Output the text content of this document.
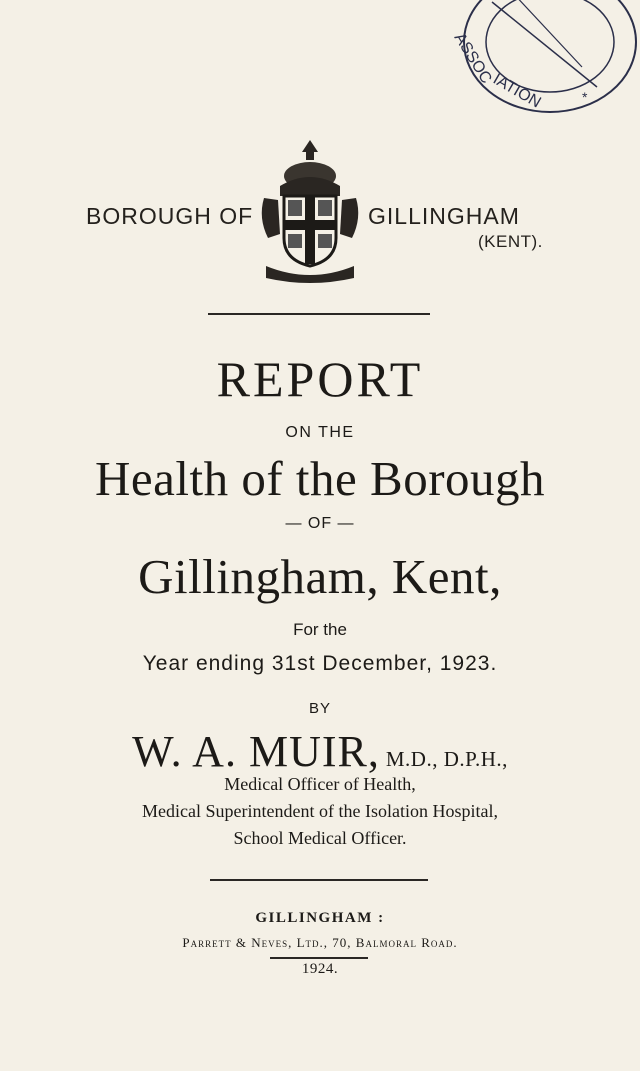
ASSOC
IATION	*
BOROUGH OF	GILLINGHAM
(KENT).
REPORT
ON THE
Health of the Borough
— OF —
Gillingham, Kent,
For the
Year ending 31st December, 1923.
BY
W. A. MUIR, M.D., D.P.H.,
Medical Officer of Health,
Medical Superintendent of the Isolation Hospital,
School Medical Officer.
GILLINGHAM :
Parrett & Neves, Ltd., 70, Balmoral Road.
1924.
